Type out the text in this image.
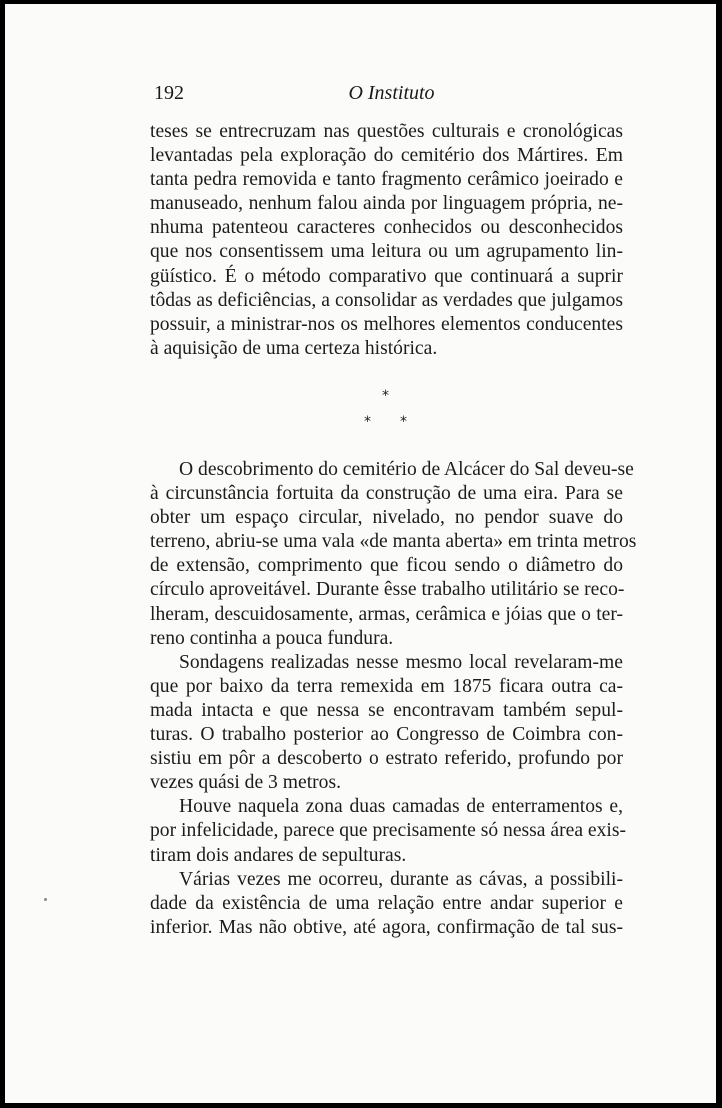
192	O Instituto

teses se entrecruzam nas questões culturais e cronológicas
levantadas pela exploração do cemitério dos Mártires. Em
tanta pedra removida e tanto fragmento cerâmico joeirado e
manuseado, nenhum falou ainda por linguagem própria, ne-
nhuma patenteou caracteres conhecidos ou desconhecidos
que nos consentissem uma leitura ou um agrupamento lin-
güístico. É o método comparativo que continuará a suprir
tôdas as deficiências, a consolidar as verdades que julgamos
possuir, a ministrar-nos os melhores elementos conducentes
à aquisição de uma certeza histórica.

*
* *

O descobrimento do cemitério de Alcácer do Sal deveu-se

à circunstância fortuita da construção de uma eira. Para se
obter um espaço circular, nivelado, no pendor suave do
terreno, abriu-se uma vala «de manta aberta» em trinta metros
de extensão, comprimento que ficou sendo o diâmetro do
círculo aproveitável. Durante êsse trabalho utilitário se reco-
lheram, descuidosamente, armas, cerâmica e jóias que o ter-
reno continha a pouca fundura.

Sondagens realizadas nesse mesmo local revelaram-me

que por baixo da terra remexida em 1875 ficara outra ca-
mada intacta e que nessa se encontravam também sepul-
turas. O trabalho posterior ao Congresso de Coimbra con-
sistiu em pôr a descoberto o estrato referido, profundo por
vezes quási de 3 metros.

Houve naquela zona duas camadas de enterramentos e,

por infelicidade, parece que precisamente só nessa área exis-
tiram dois andares de sepulturas.

Várias vezes me ocorreu, durante as cávas, a possibili-

dade da existência de uma relação entre andar superior e
inferior. Mas não obtive, até agora, confirmação de tal sus-
